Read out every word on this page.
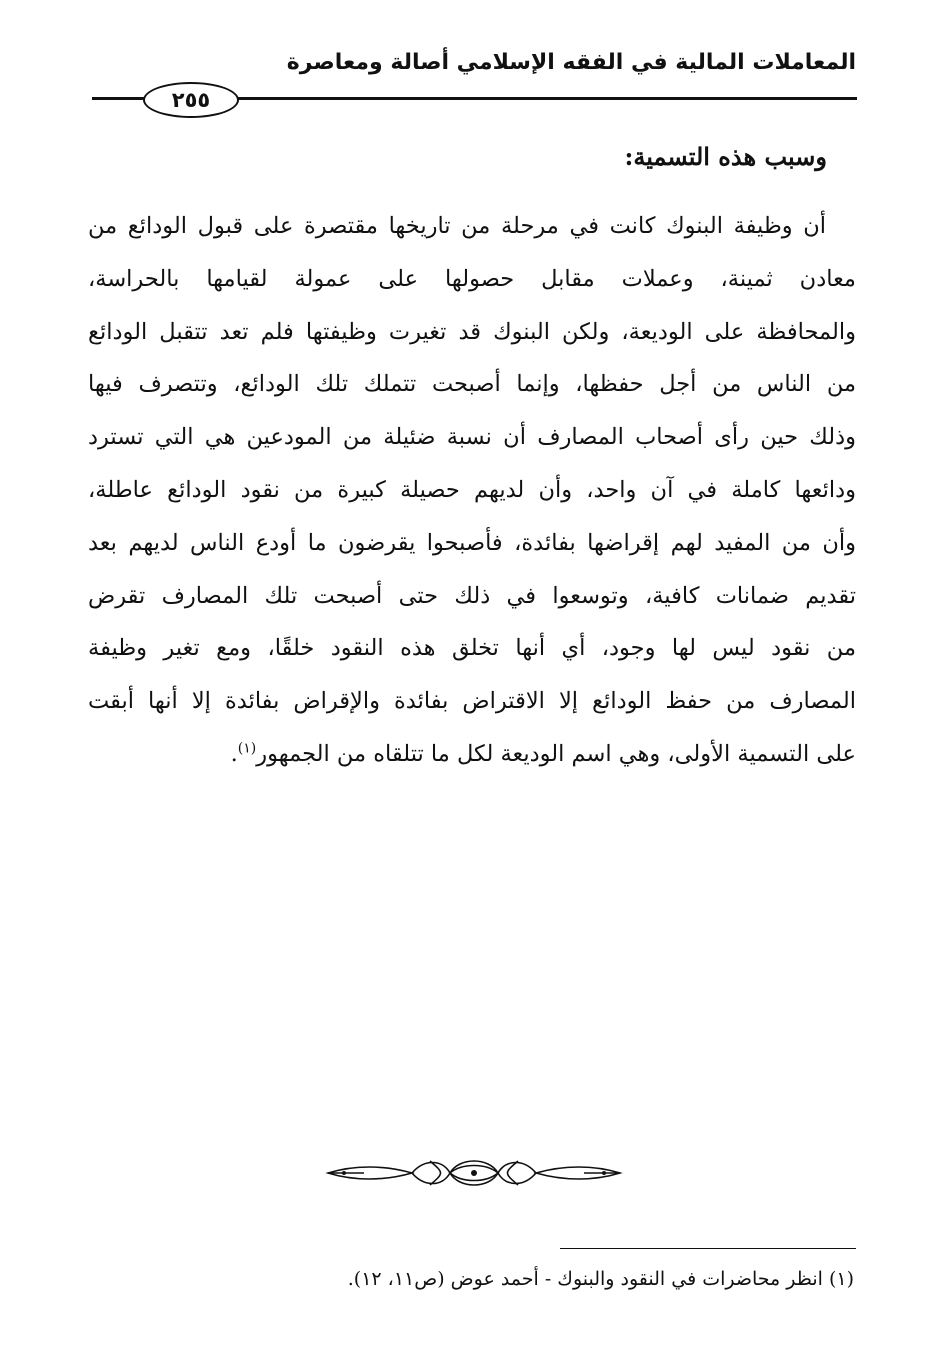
المعاملات المالية في الفقه الإسلامي أصالة ومعاصرة
٢٥٥
وسبب هذه التسمية:
أن وظيفة البنوك كانت في مرحلة من تاريخها مقتصرة على قبول الودائع من
معادن ثمينة، وعملات مقابل حصولها على عمولة لقيامها بالحراسة،
والمحافظة على الوديعة، ولكن البنوك قد تغيرت وظيفتها فلم تعد تتقبل الودائع
من الناس من أجل حفظها، وإنما أصبحت تتملك تلك الودائع، وتتصرف فيها
وذلك حين رأى أصحاب المصارف أن نسبة ضئيلة من المودعين هي التي تسترد
ودائعها كاملة في آن واحد، وأن لديهم حصيلة كبيرة من نقود الودائع عاطلة،
وأن من المفيد لهم إقراضها بفائدة، فأصبحوا يقرضون ما أودع الناس لديهم بعد
تقديم ضمانات كافية، وتوسعوا في ذلك حتى أصبحت تلك المصارف تقرض
من نقود ليس لها وجود، أي أنها تخلق هذه النقود خلقًا، ومع تغير وظيفة
المصارف من حفظ الودائع إلا الاقتراض بفائدة والإقراض بفائدة إلا أنها أبقت
على التسمية الأولى، وهي اسم الوديعة لكل ما تتلقاه من الجمهور$^{(١)}$.
(١) انظر محاضرات في النقود والبنوك - أحمد عوض (ص١١، ١٢).
